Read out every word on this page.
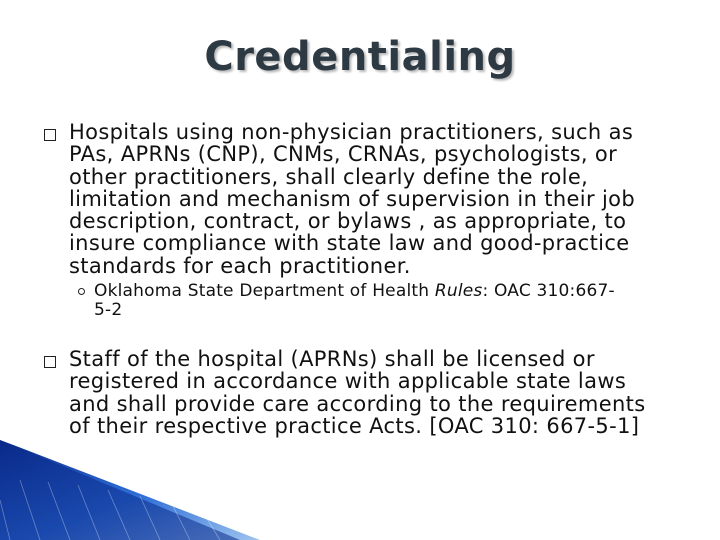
Credentialing
Hospitals using non-physician practitioners, such as
PAs, APRNs (CNP), CNMs, CRNAs, psychologists, or
other practitioners, shall clearly define the role,
limitation and mechanism of supervision in their job
description, contract, or bylaws , as appropriate, to
insure compliance with state law and good-practice
standards for each practitioner.
Oklahoma State Department of Health Rules: OAC 310:667-
5-2
Staff of the hospital (APRNs) shall be licensed or
registered in accordance with applicable state laws
and shall provide care according to the requirements
of their respective practice Acts. [OAC 310: 667-5-1]
